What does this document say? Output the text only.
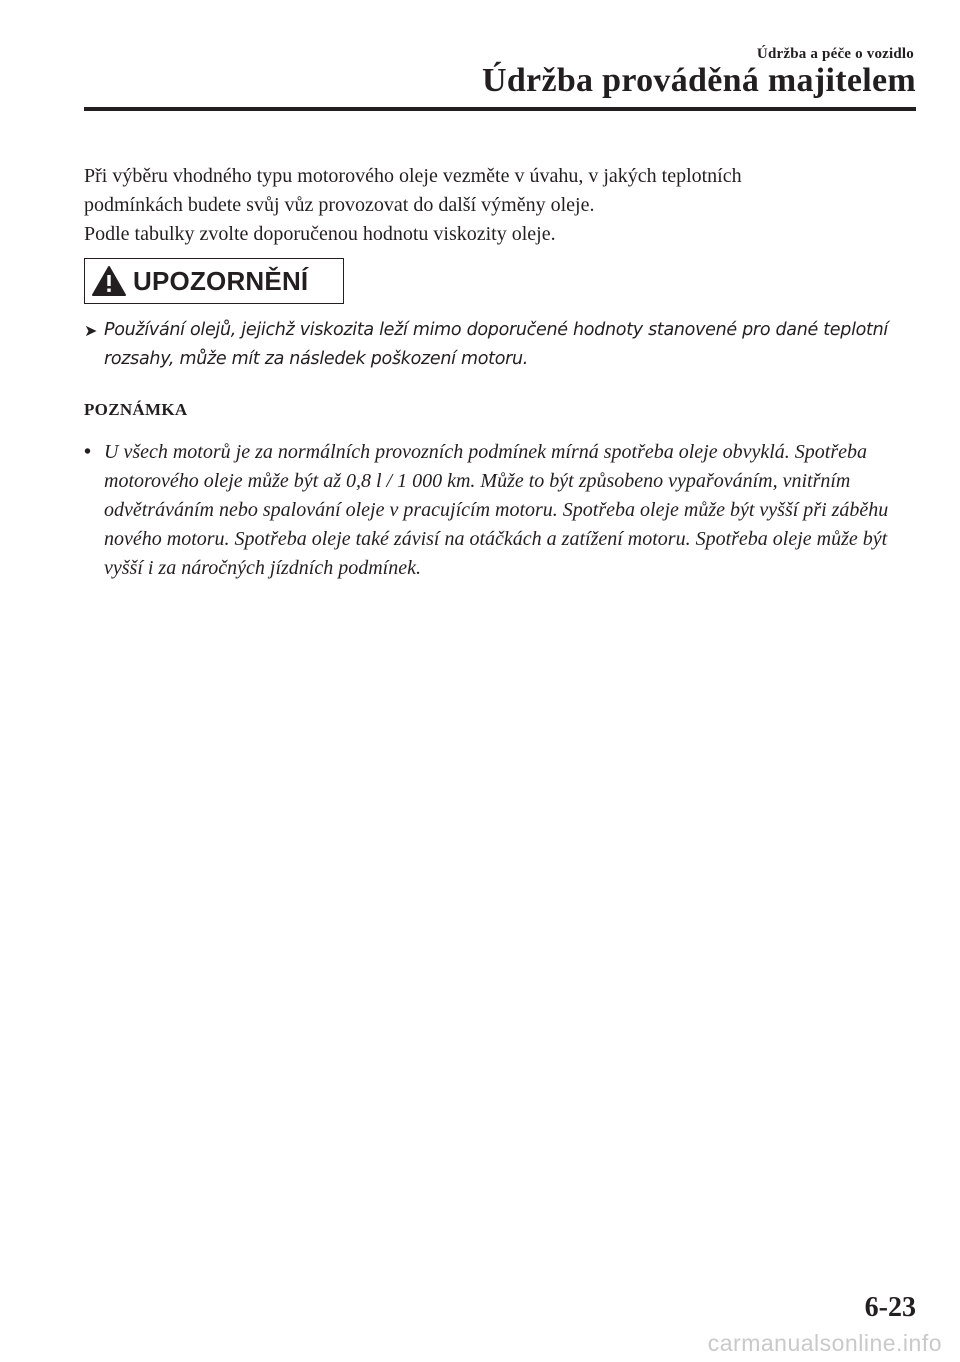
Údržba a péče o vozidlo
Údržba prováděná majitelem

Při výběru vhodného typu motorového oleje vezměte v úvahu, v jakých teplotních

podmínkách budete svůj vůz provozovat do další výměny oleje.

Podle tabulky zvolte doporučenou hodnotu viskozity oleje.

UPOZORNĚNÍ
➤ Používání olejů, jejichž viskozita leží mimo doporučené hodnoty stanovené pro dané teplotní rozsahy, může mít za následek poškození motoru.
POZNÁMKA
• U všech motorů je za normálních provozních podmínek mírná spotřeba oleje obvyklá. Spotřeba motorového oleje může být až 0,8 l / 1 000 km. Může to být způsobeno vypařováním, vnitřním odvětráváním nebo spalování oleje v pracujícím motoru. Spotřeba oleje může být vyšší při záběhu nového motoru. Spotřeba oleje také závisí na otáčkách a zatížení motoru. Spotřeba oleje může být vyšší i za náročných jízdních podmínek.
6-23
carmanualsonline.info
